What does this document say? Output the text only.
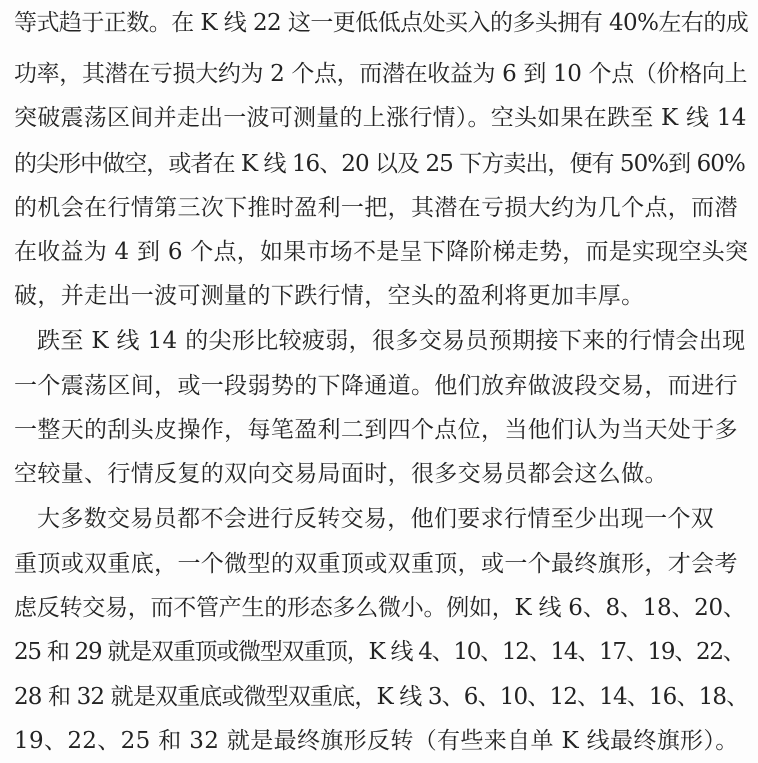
等式趋于正数。在 K 线 22 这一更低低点处买入的多头拥有 40%左右的成
功率，其潜在亏损大约为 2 个点，而潜在收益为 6 到 10 个点（价格向上
突破震荡区间并走出一波可测量的上涨行情）。空头如果在跌至 K 线 14
的尖形中做空，或者在 K 线 16、20 以及 25 下方卖出，便有 50%到 60%
的机会在行情第三次下推时盈利一把，其潜在亏损大约为几个点，而潜
在收益为 4 到 6 个点，如果市场不是呈下降阶梯走势，而是实现空头突
破，并走出一波可测量的下跌行情，空头的盈利将更加丰厚。
跌至 K 线 14 的尖形比较疲弱，很多交易员预期接下来的行情会出现
一个震荡区间，或一段弱势的下降通道。他们放弃做波段交易，而进行
一整天的刮头皮操作，每笔盈利二到四个点位，当他们认为当天处于多
空较量、行情反复的双向交易局面时，很多交易员都会这么做。
大多数交易员都不会进行反转交易，他们要求行情至少出现一个双
重顶或双重底，一个微型的双重顶或双重顶，或一个最终旗形，才会考
虑反转交易，而不管产生的形态多么微小。例如，K 线 6、8、18、20、
25 和 29 就是双重顶或微型双重顶，K 线 4、10、12、14、17、19、22、
28 和 32 就是双重底或微型双重底，K 线 3、6、10、12、14、16、18、
19、22、25 和 32 就是最终旗形反转（有些来自单 K 线最终旗形）。
